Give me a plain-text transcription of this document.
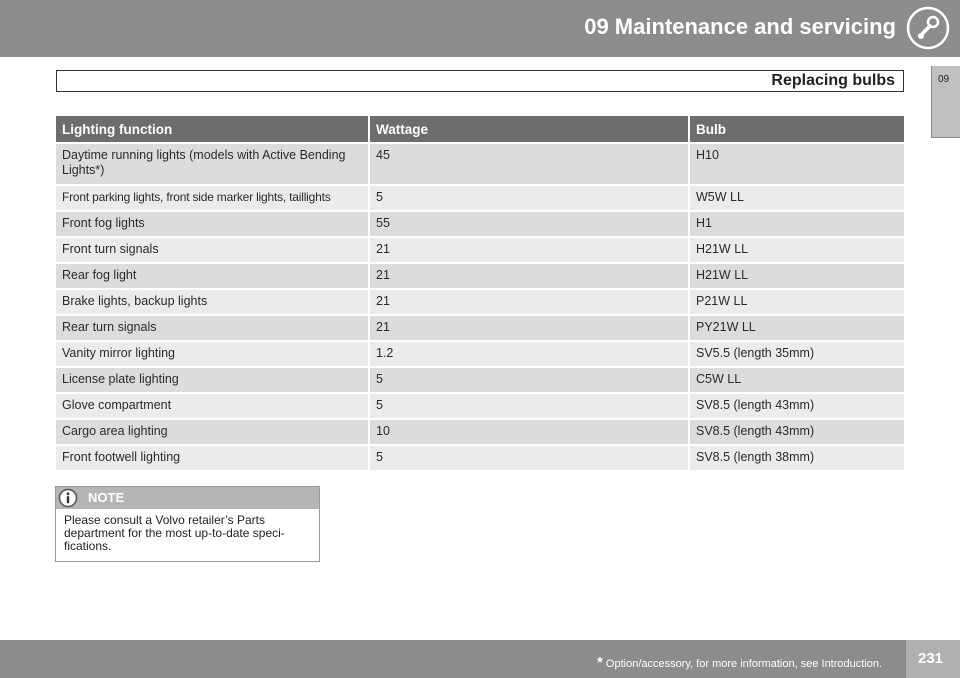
09 Maintenance and servicing
Replacing bulbs	09
Lighting function	Wattage	Bulb
Daytime running lights (models with Active Bending Lights*)	45	H10
Front parking lights, front side marker lights, taillights	5	W5W LL
Front fog lights	55	H1
Front turn signals	21	H21W LL
Rear fog light	21	H21W LL
Brake lights, backup lights	21	P21W LL
Rear turn signals	21	PY21W LL
Vanity mirror lighting	1.2	SV5.5 (length 35mm)
License plate lighting	5	C5W LL
Glove compartment	5	SV8.5 (length 43mm)
Cargo area lighting	10	SV8.5 (length 43mm)
Front footwell lighting	5	SV8.5 (length 38mm)
NOTE
Please consult a Volvo retailer’s Parts department for the most up-to-date speci- fications.
* Option/accessory, for more information, see Introduction. 231
